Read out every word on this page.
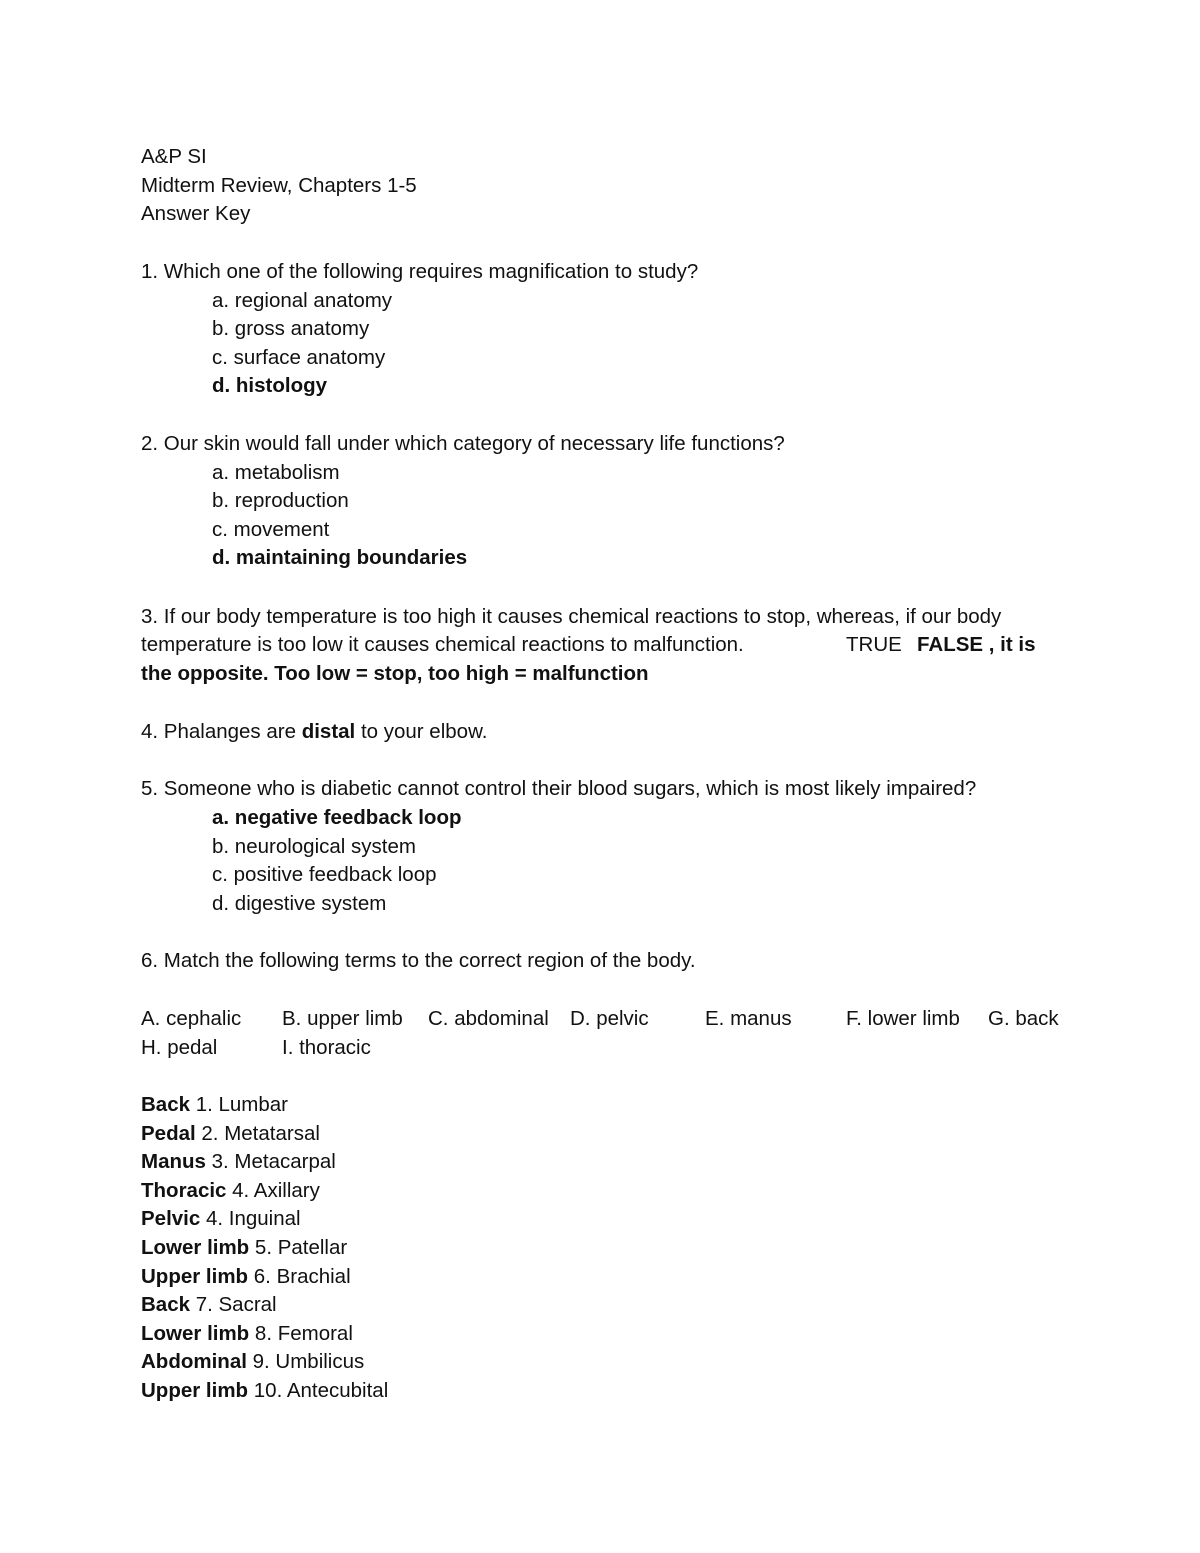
A&P SI
Midterm Review, Chapters 1-5
Answer Key
1. Which one of the following requires magnification to study?
a. regional anatomy
b. gross anatomy
c. surface anatomy
d. histology
2. Our skin would fall under which category of necessary life functions?
a. metabolism
b. reproduction
c. movement
d. maintaining boundaries
3. If our body temperature is too high it causes chemical reactions to stop, whereas, if our body
temperature is too low it causes chemical reactions to malfunction.	TRUE FALSE , it is
the opposite. Too low = stop, too high = malfunction
4. Phalanges are distal to your elbow.
5. Someone who is diabetic cannot control their blood sugars, which is most likely impaired?
a. negative feedback loop
b. neurological system
c. positive feedback loop
d. digestive system
6. Match the following terms to the correct region of the body.
A. cephalic B. upper limb C. abdominal D. pelvic	E. manus	F. lower limb G. back
H. pedal	I. thoracic
Back 1. Lumbar
Pedal 2. Metatarsal
Manus 3. Metacarpal
Thoracic 4. Axillary
Pelvic 4. Inguinal
Lower limb 5. Patellar
Upper limb 6. Brachial
Back 7. Sacral
Lower limb 8. Femoral
Abdominal 9. Umbilicus
Upper limb 10. Antecubital
